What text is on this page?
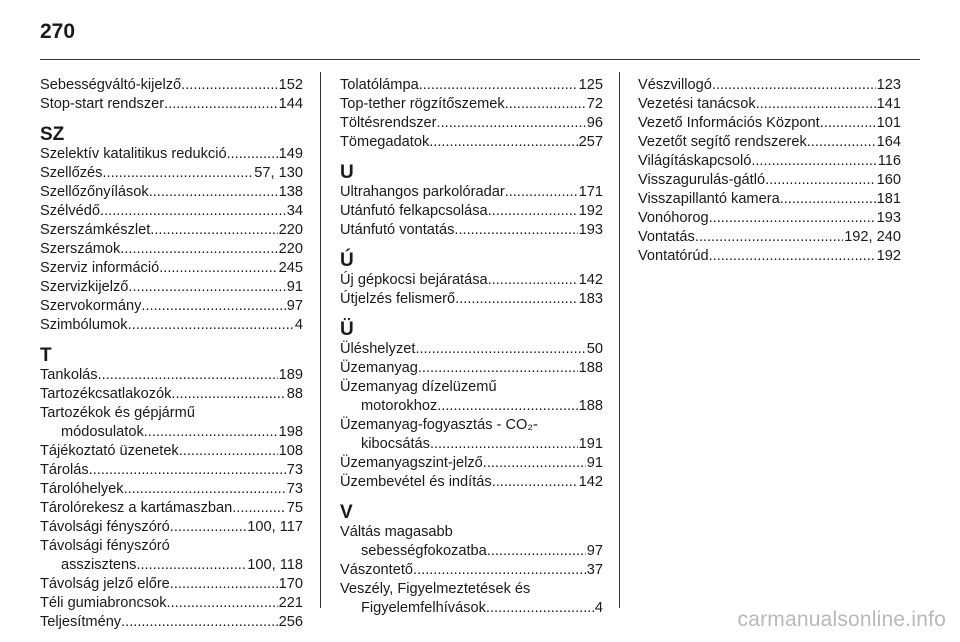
270
Sebességváltó-kijelző .....	152
Stop-start rendszer .....	144
SZ
Szelektív katalitikus redukció .....	149
Szellőzés .....	57, 130
Szellőzőnyílások .....	138
Szélvédő .....	34
Szerszámkészlet .....	220
Szerszámok .....	220
Szerviz információ .....	245
Szervizkijelző .....	91
Szervokormány .....	97
Szimbólumok .....	4
T
Tankolás .....	189
Tartozékcsatlakozók .....	88
Tartozékok és gépjármű
módosulatok .....	198
Tájékoztató üzenetek .....	108
Tárolás .....	73
Tárolóhelyek .....	73
Tárolórekesz a kartámaszban .....	75
Távolsági fényszóró .....	100, 117
Távolsági fényszóró
asszisztens .....	100, 118
Távolság jelző előre .....	170
Téli gumiabroncsok .....	221
Teljesítmény .....	256
Tolatólámpa .....	125
Top-tether rögzítőszemek .....	72
Töltésrendszer .....	96
Tömegadatok .....	257
U
Ultrahangos parkolóradar .....	171
Utánfutó felkapcsolása .....	192
Utánfutó vontatás .....	193
Ú
Új gépkocsi bejáratása .....	142
Útjelzés felismerő .....	183
Ü
Üléshelyzet .....	50
Üzemanyag .....	188
Üzemanyag dízelüzemű
motorokhoz .....	188
Üzemanyag-fogyasztás - CO₂-
kibocsátás .....	191
Üzemanyagszint-jelző .....	91
Üzembevétel és indítás .....	142
V
Váltás magasabb
sebességfokozatba .....	97
Vászontető .....	37
Veszély, Figyelmeztetések és
Figyelemfelhívások .....	4
Vészvillogó .....	123
Vezetési tanácsok .....	141
Vezető Információs Központ .....	101
Vezetőt segítő rendszerek .....	164
Világításkapcsoló .....	116
Visszagurulás-gátló .....	160
Visszapillantó kamera .....	181
Vonóhorog .....	193
Vontatás .....	192, 240
Vontatórúd .....	192
carmanualsonline.info
